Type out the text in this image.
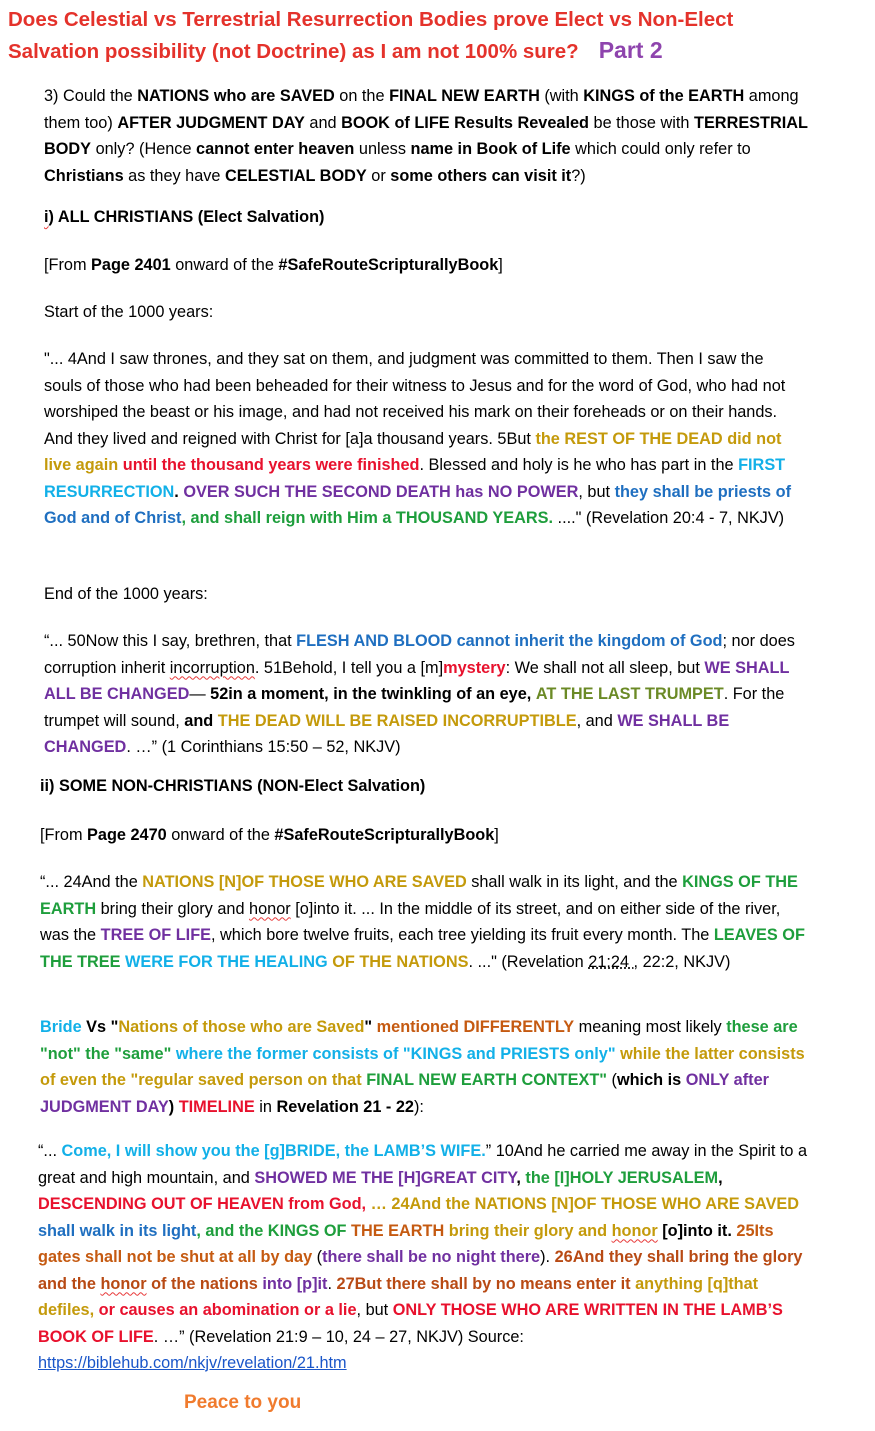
Does Celestial vs Terrestrial Resurrection Bodies prove Elect vs Non-Elect
Salvation possibility (not Doctrine) as I am not 100% sure? Part 2

3) Could the NATIONS who are SAVED on the FINAL NEW EARTH (with KINGS of the EARTH among them too) AFTER JUDGMENT DAY and BOOK of LIFE Results Revealed be those with TERRESTRIAL BODY only? (Hence cannot enter heaven unless name in Book of Life which could only refer to Christians as they have CELESTIAL BODY or some others can visit it?)

i) ALL CHRISTIANS (Elect Salvation)

[From Page 2401 onward of the #SafeRouteScripturallyBook]

Start of the 1000 years:

"... 4And I saw thrones, and they sat on them, and judgment was committed to them. Then I saw the souls of those who had been beheaded for their witness to Jesus and for the word of God, who had not worshiped the beast or his image, and had not received his mark on their foreheads or on their hands. And they lived and reigned with Christ for [a]a thousand years. 5But the REST OF THE DEAD did not live again until the thousand years were finished. Blessed and holy is he who has part in the FIRST RESURRECTION. OVER SUCH THE SECOND DEATH has NO POWER, but they shall be priests of God and of Christ, and shall reign with Him a THOUSAND YEARS. ...." (Revelation 20:4 - 7, NKJV)

End of the 1000 years:

“... 50Now this I say, brethren, that FLESH AND BLOOD cannot inherit the kingdom of God; nor does corruption inherit incorruption. 51Behold, I tell you a [m]mystery: We shall not all sleep, but WE SHALL ALL BE CHANGED— 52in a moment, in the twinkling of an eye, AT THE LAST TRUMPET. For the trumpet will sound, and THE DEAD WILL BE RAISED INCORRUPTIBLE, and WE SHALL BE CHANGED. …” (1 Corinthians 15:50 – 52, NKJV)

ii) SOME NON-CHRISTIANS (NON-Elect Salvation)

[From Page 2470 onward of the #SafeRouteScripturallyBook]

“... 24And the NATIONS [N]OF THOSE WHO ARE SAVED shall walk in its light, and the KINGS OF THE EARTH bring their glory and honor [o]into it. ... In the middle of its street, and on either side of the river, was the TREE OF LIFE, which bore twelve fruits, each tree yielding its fruit every month. The LEAVES OF THE TREE WERE FOR THE HEALING OF THE NATIONS. ..." (Revelation 21:24 , 22:2, NKJV)

Bride Vs "Nations of those who are Saved" mentioned DIFFERENTLY meaning most likely these are "not" the "same" where the former consists of "KINGS and PRIESTS only" while the latter consists of even the "regular saved person on that FINAL NEW EARTH CONTEXT" (which is ONLY after JUDGMENT DAY) TIMELINE in Revelation 21 - 22):

“... Come, I will show you the [g]BRIDE, the LAMB’S WIFE.” 10And he carried me away in the Spirit to a great and high mountain, and SHOWED ME THE [H]GREAT CITY, the [I]HOLY JERUSALEM, DESCENDING OUT OF HEAVEN from God, … 24And the NATIONS [N]OF THOSE WHO ARE SAVED shall walk in its light, and the KINGS OF THE EARTH bring their glory and honor [o]into it. 25Its gates shall not be shut at all by day (there shall be no night there). 26And they shall bring the glory and the honor of the nations into [p]it. 27But there shall by no means enter it anything [q]that defiles, or causes an abomination or a lie, but ONLY THOSE WHO ARE WRITTEN IN THE LAMB’S BOOK OF LIFE. …” (Revelation 21:9 – 10, 24 – 27, NKJV) Source: https://biblehub.com/nkjv/revelation/21.htm

Peace to you
